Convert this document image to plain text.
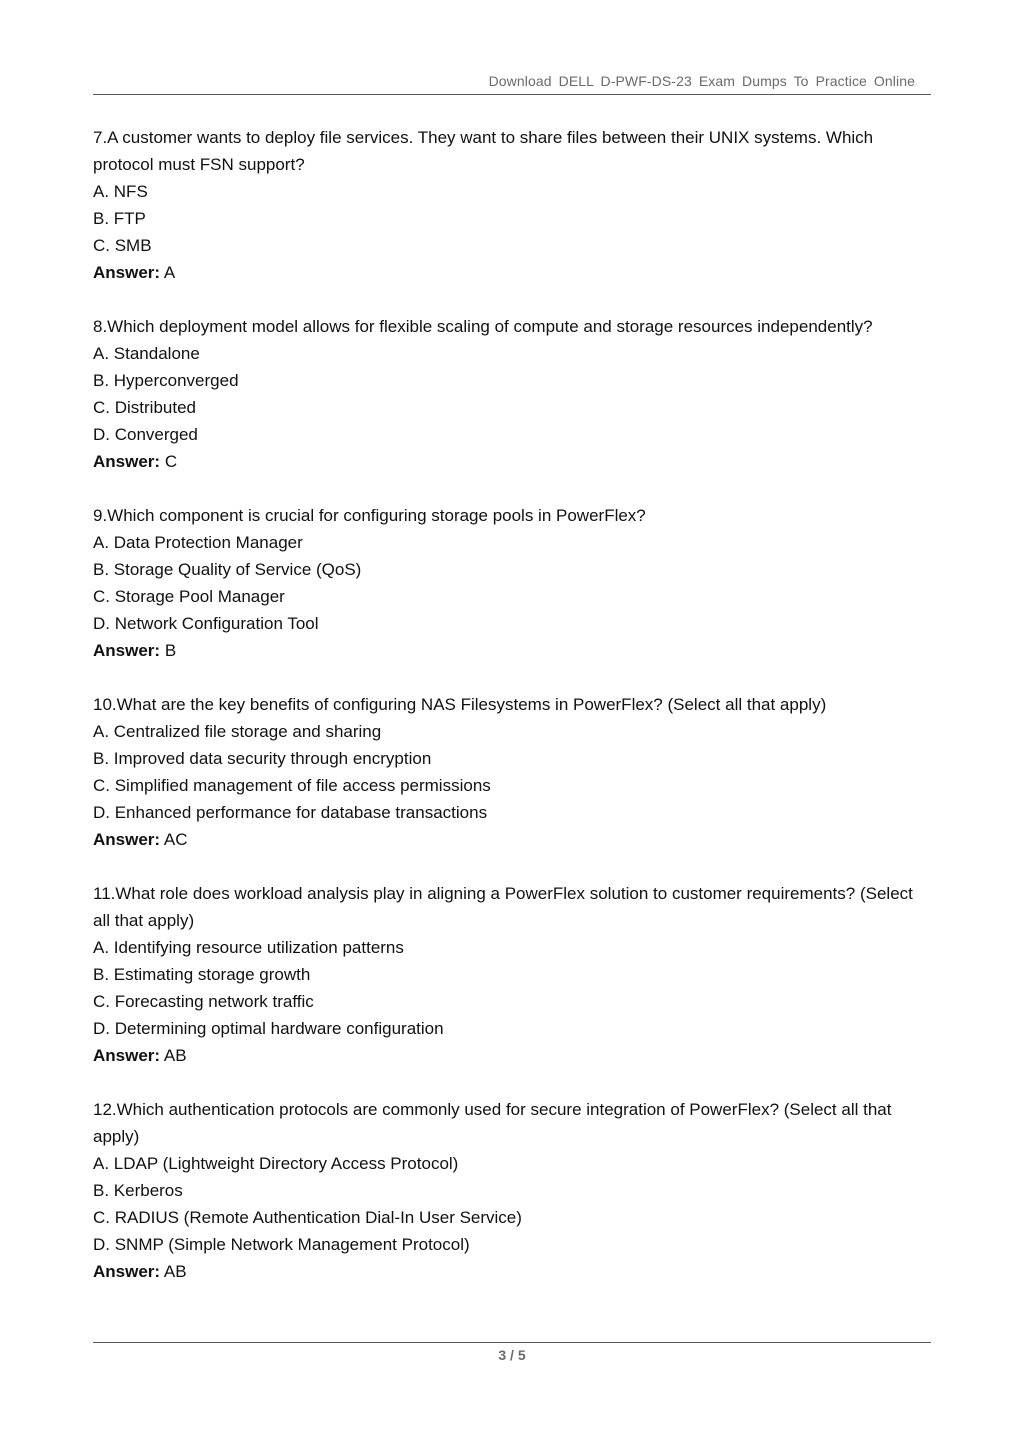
Download DELL D-PWF-DS-23 Exam Dumps To Practice Online
7.A customer wants to deploy file services. They want to share files between their UNIX systems. Which protocol must FSN support?
A. NFS
B. FTP
C. SMB
Answer: A
8.Which deployment model allows for flexible scaling of compute and storage resources independently?
A. Standalone
B. Hyperconverged
C. Distributed
D. Converged
Answer: C
9.Which component is crucial for configuring storage pools in PowerFlex?
A. Data Protection Manager
B. Storage Quality of Service (QoS)
C. Storage Pool Manager
D. Network Configuration Tool
Answer: B
10.What are the key benefits of configuring NAS Filesystems in PowerFlex? (Select all that apply)
A. Centralized file storage and sharing
B. Improved data security through encryption
C. Simplified management of file access permissions
D. Enhanced performance for database transactions
Answer: AC
11.What role does workload analysis play in aligning a PowerFlex solution to customer requirements? (Select all that apply)
A. Identifying resource utilization patterns
B. Estimating storage growth
C. Forecasting network traffic
D. Determining optimal hardware configuration
Answer: AB
12.Which authentication protocols are commonly used for secure integration of PowerFlex? (Select all that apply)
A. LDAP (Lightweight Directory Access Protocol)
B. Kerberos
C. RADIUS (Remote Authentication Dial-In User Service)
D. SNMP (Simple Network Management Protocol)
Answer: AB
3 / 5
